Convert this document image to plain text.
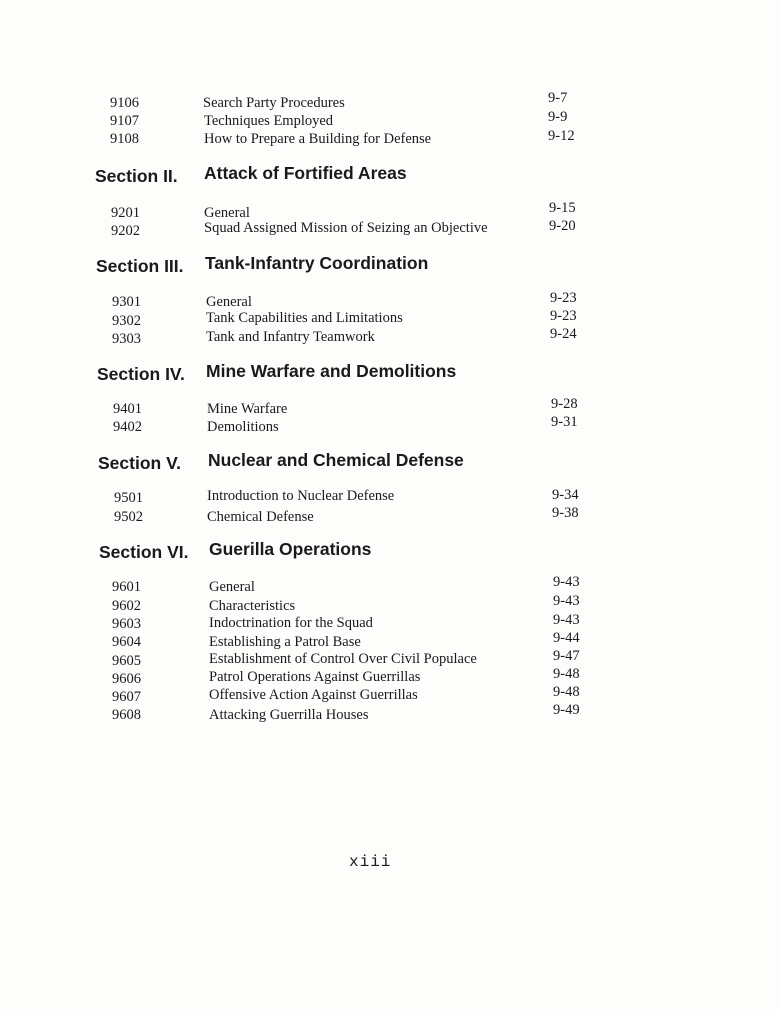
9106	Search Party Procedures	9-7
9107	Techniques Employed	9-9
9108	How to Prepare a Building for Defense	9-12
Section II. Attack of Fortified Areas
9201	General	9-15
9202	Squad Assigned Mission of Seizing an Objective	9-20
Section III. Tank-Infantry Coordination
9301	General	9-23
9302	Tank Capabilities and Limitations	9-23
9303	Tank and Infantry Teamwork	9-24
Section IV. Mine Warfare and Demolitions
9401	Mine Warfare	9-28
9402	Demolitions	9-31
Section V. Nuclear and Chemical Defense
9501	Introduction to Nuclear Defense	9-34
9502	Chemical Defense	9-38
Section VI. Guerilla Operations
9601	General	9-43
9602	Characteristics	9-43
9603	Indoctrination for the Squad	9-43
9604	Establishing a Patrol Base	9-44
9605	Establishment of Control Over Civil Populace	9-47
9606	Patrol Operations Against Guerrillas	9-48
9607	Offensive Action Against Guerrillas	9-48
9608	Attacking Guerrilla Houses	9-49
xiii
